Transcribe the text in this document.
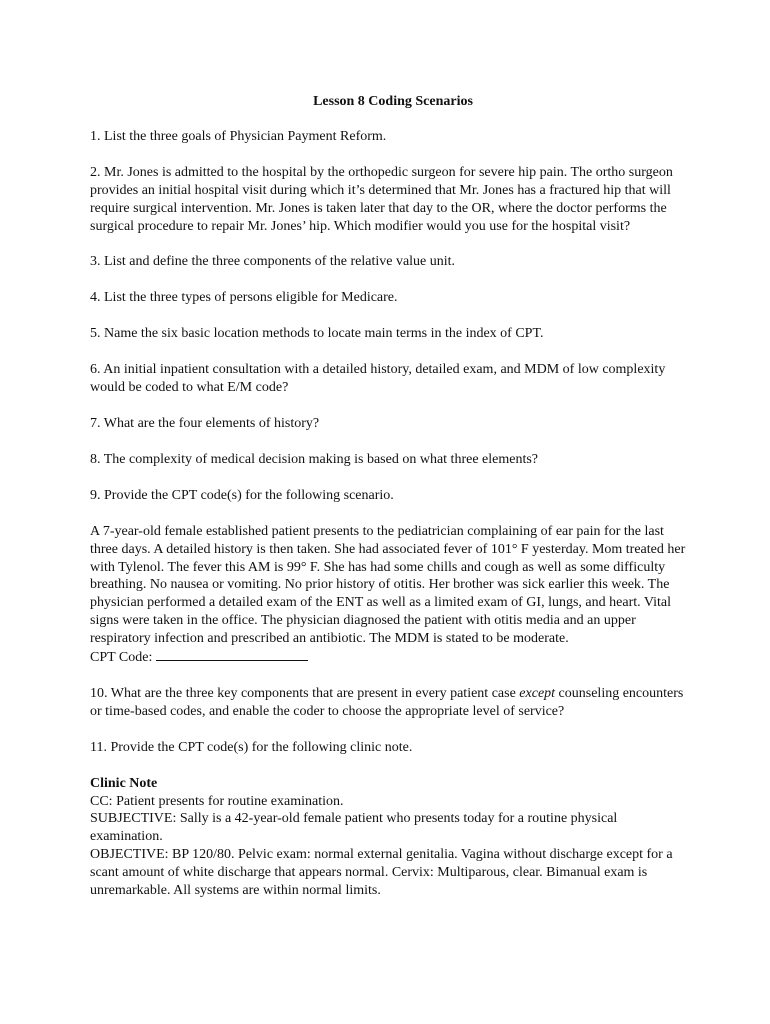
Lesson 8 Coding Scenarios

1. List the three goals of Physician Payment Reform.

2. Mr. Jones is admitted to the hospital by the orthopedic surgeon for severe hip pain. The ortho surgeon provides an initial hospital visit during which it’s determined that Mr. Jones has a fractured hip that will require surgical intervention. Mr. Jones is taken later that day to the OR, where the doctor performs the surgical procedure to repair Mr. Jones’ hip. Which modifier would you use for the hospital visit?

3. List and define the three components of the relative value unit.

4. List the three types of persons eligible for Medicare.

5. Name the six basic location methods to locate main terms in the index of CPT.

6. An initial inpatient consultation with a detailed history, detailed exam, and MDM of low complexity would be coded to what E/M code?

7. What are the four elements of history?

8. The complexity of medical decision making is based on what three elements?

9. Provide the CPT code(s) for the following scenario.

A 7-year-old female established patient presents to the pediatrician complaining of ear pain for the last three days. A detailed history is then taken. She had associated fever of 101° F yesterday. Mom treated her with Tylenol. The fever this AM is 99° F. She has had some chills and cough as well as some difficulty breathing. No nausea or vomiting. No prior history of otitis. Her brother was sick earlier this week. The physician performed a detailed exam of the ENT as well as a limited exam of GI, lungs, and heart. Vital signs were taken in the office. The physician diagnosed the patient with otitis media and an upper respiratory infection and prescribed an antibiotic. The MDM is stated to be moderate.

CPT Code:

10. What are the three key components that are present in every patient case except counseling encounters or time-based codes, and enable the coder to choose the appropriate level of service?

11. Provide the CPT code(s) for the following clinic note.

Clinic Note
CC: Patient presents for routine examination.
SUBJECTIVE: Sally is a 42-year-old female patient who presents today for a routine physical examination.
OBJECTIVE: BP 120/80. Pelvic exam: normal external genitalia. Vagina without discharge except for a scant amount of white discharge that appears normal. Cervix: Multiparous, clear. Bimanual exam is unremarkable. All systems are within normal limits.
